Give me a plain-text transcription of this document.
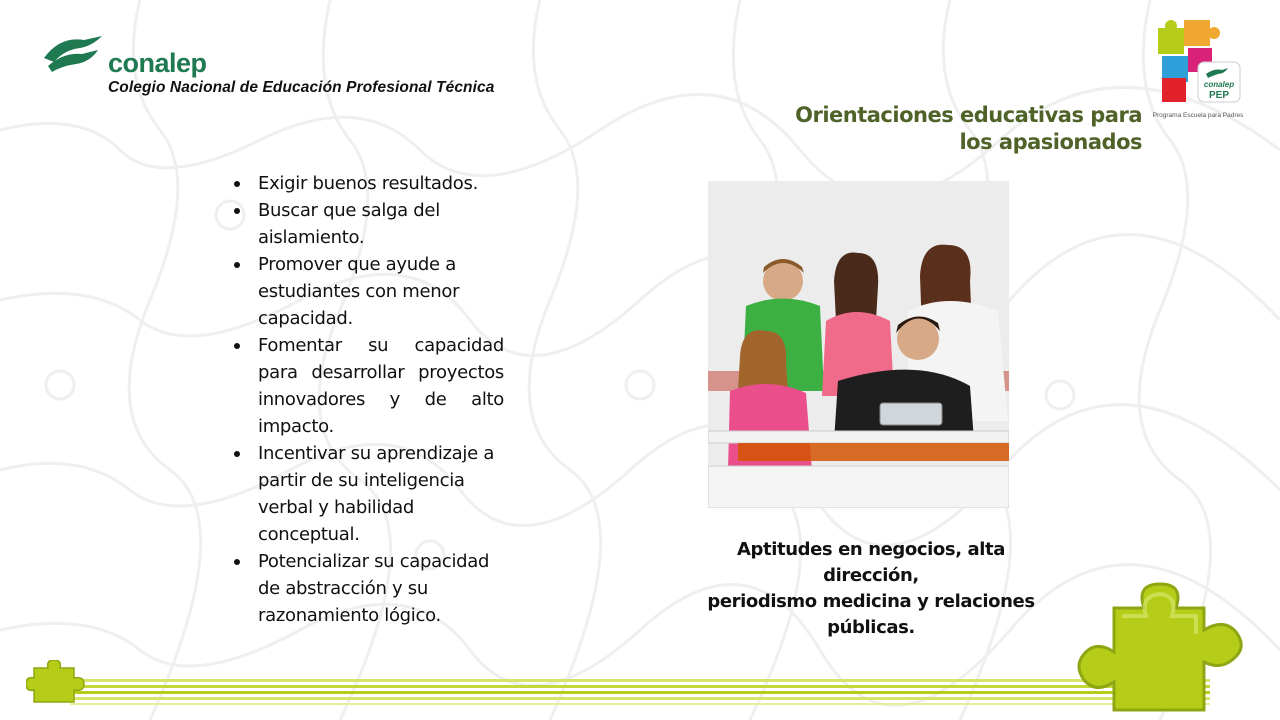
conalep
Colegio Nacional de Educación Profesional Técnica	conalep
PEP
Programa Escuela para Padres
Orientaciones educativas para
los apasionados
Exigir buenos resultados.
Buscar que salga del aislamiento.
Promover que ayude a estudiantes con menor capacidad.
Fomentar su capacidad para desarrollar proyectos innovadores y de alto impacto.
Incentivar su aprendizaje a partir de su inteligencia verbal y habilidad conceptual.
Potencializar su capacidad de abstracción y su razonamiento lógico.
Aptitudes en negocios, alta dirección,
periodismo medicina y relaciones
públicas.
